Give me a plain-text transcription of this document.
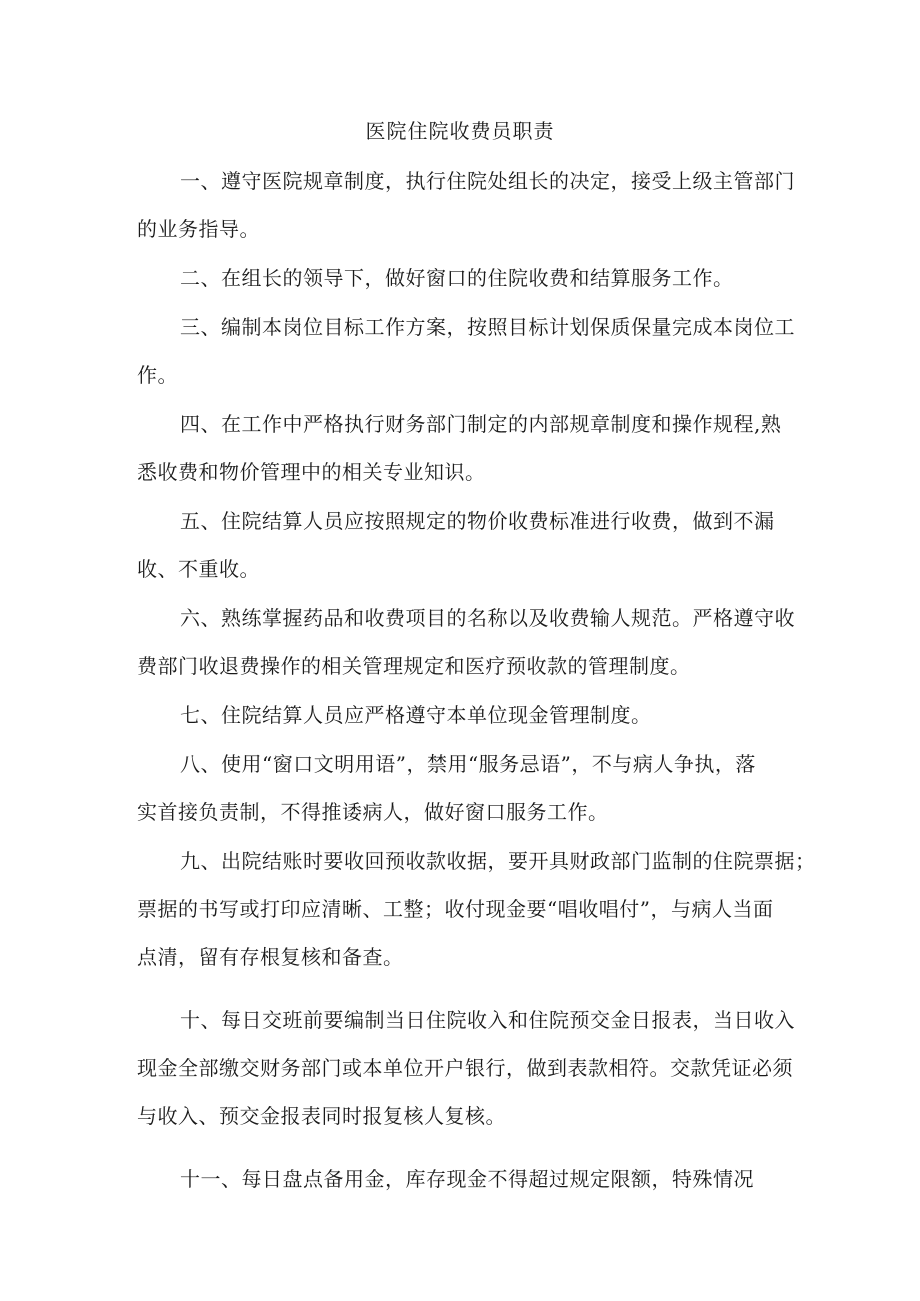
医院住院收费员职责
一、遵守医院规章制度，执行住院处组长的决定，接受上级主管部门
的业务指导。
二、在组长的领导下，做好窗口的住院收费和结算服务工作。
三、编制本岗位目标工作方案，按照目标计划保质保量完成本岗位工
作。
四、在工作中严格执行财务部门制定的内部规章制度和操作规程,熟
悉收费和物价管理中的相关专业知识。
五、住院结算人员应按照规定的物价收费标准进行收费，做到不漏
收、不重收。
六、熟练掌握药品和收费项目的名称以及收费输人规范。严格遵守收
费部门收退费操作的相关管理规定和医疗预收款的管理制度。
七、住院结算人员应严格遵守本单位现金管理制度。
八、使用“窗口文明用语”，禁用“服务忌语”，不与病人争执，落
实首接负责制，不得推诿病人，做好窗口服务工作。
九、出院结账时要收回预收款收据，要开具财政部门监制的住院票据；
票据的书写或打印应清晰、工整；收付现金要“唱收唱付”，与病人当面
点清，留有存根复核和备查。
十、每日交班前要编制当日住院收入和住院预交金日报表，当日收入
现金全部缴交财务部门或本单位开户银行，做到表款相符。交款凭证必须
与收入、预交金报表同时报复核人复核。
十一、每日盘点备用金，库存现金不得超过规定限额，特殊情况
